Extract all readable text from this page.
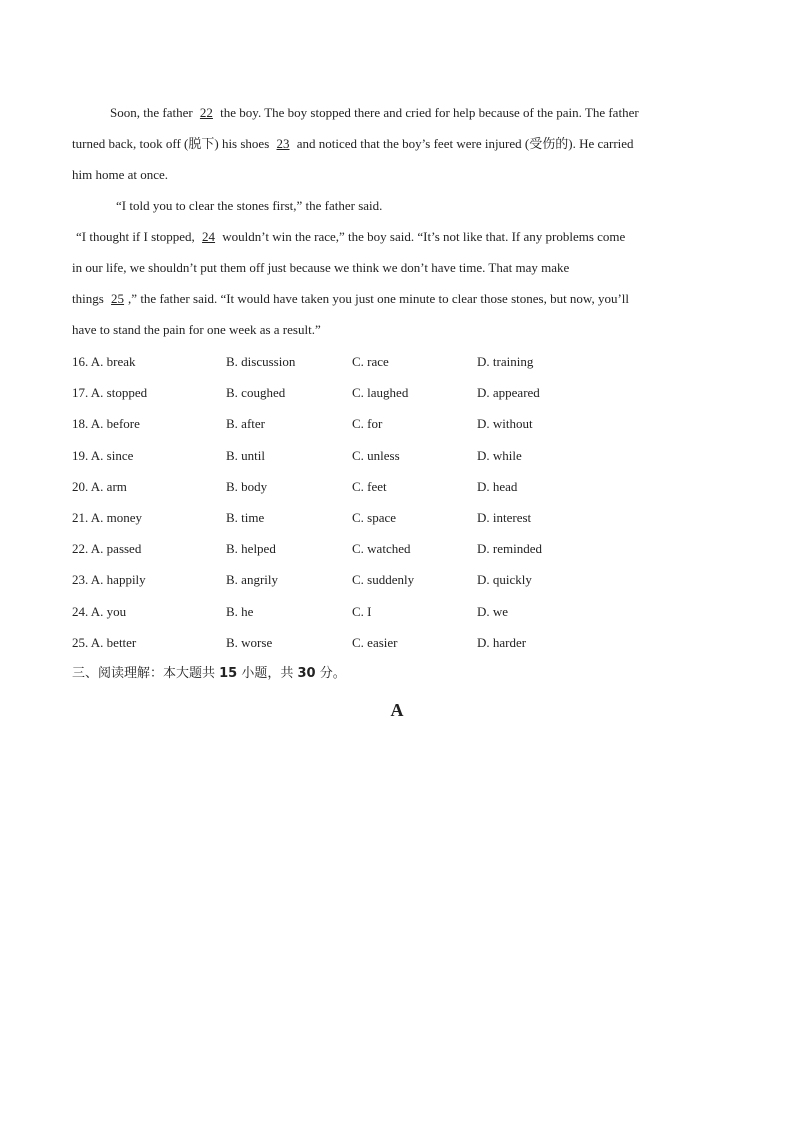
Soon, the father 22 the boy. The boy stopped there and cried for help because of the pain. The father
turned back, took off (脱下) his shoes 23 and noticed that the boy’s feet were injured (受伤的). He carried
him home at once.
“I told you to clear the stones first,” the father said.
“I thought if I stopped, 24 wouldn’t win the race,” the boy said. “It’s not like that. If any problems come
in our life, we shouldn’t put them off just because we think we don’t have time. That may make
things 25 ,” the father said. “It would have taken you just one minute to clear those stones, but now, you’ll
have to stand the pain for one week as a result.”
16. A. break	B. discussion	C. race	D. training
17. A. stopped	B. coughed	C. laughed	D. appeared
18. A. before	B. after	C. for	D. without
19. A. since	B. until	C. unless	D. while
20. A. arm	B. body	C. feet	D. head
21. A. money	B. time	C. space	D. interest
22. A. passed	B. helped	C. watched	D. reminded
23. A. happily	B. angrily	C. suddenly	D. quickly
24. A. you	B. he	C. I	D. we
25. A. better	B. worse	C. easier	D. harder
三、阅读理解：本大题共 15 小题，共 30 分。
A
